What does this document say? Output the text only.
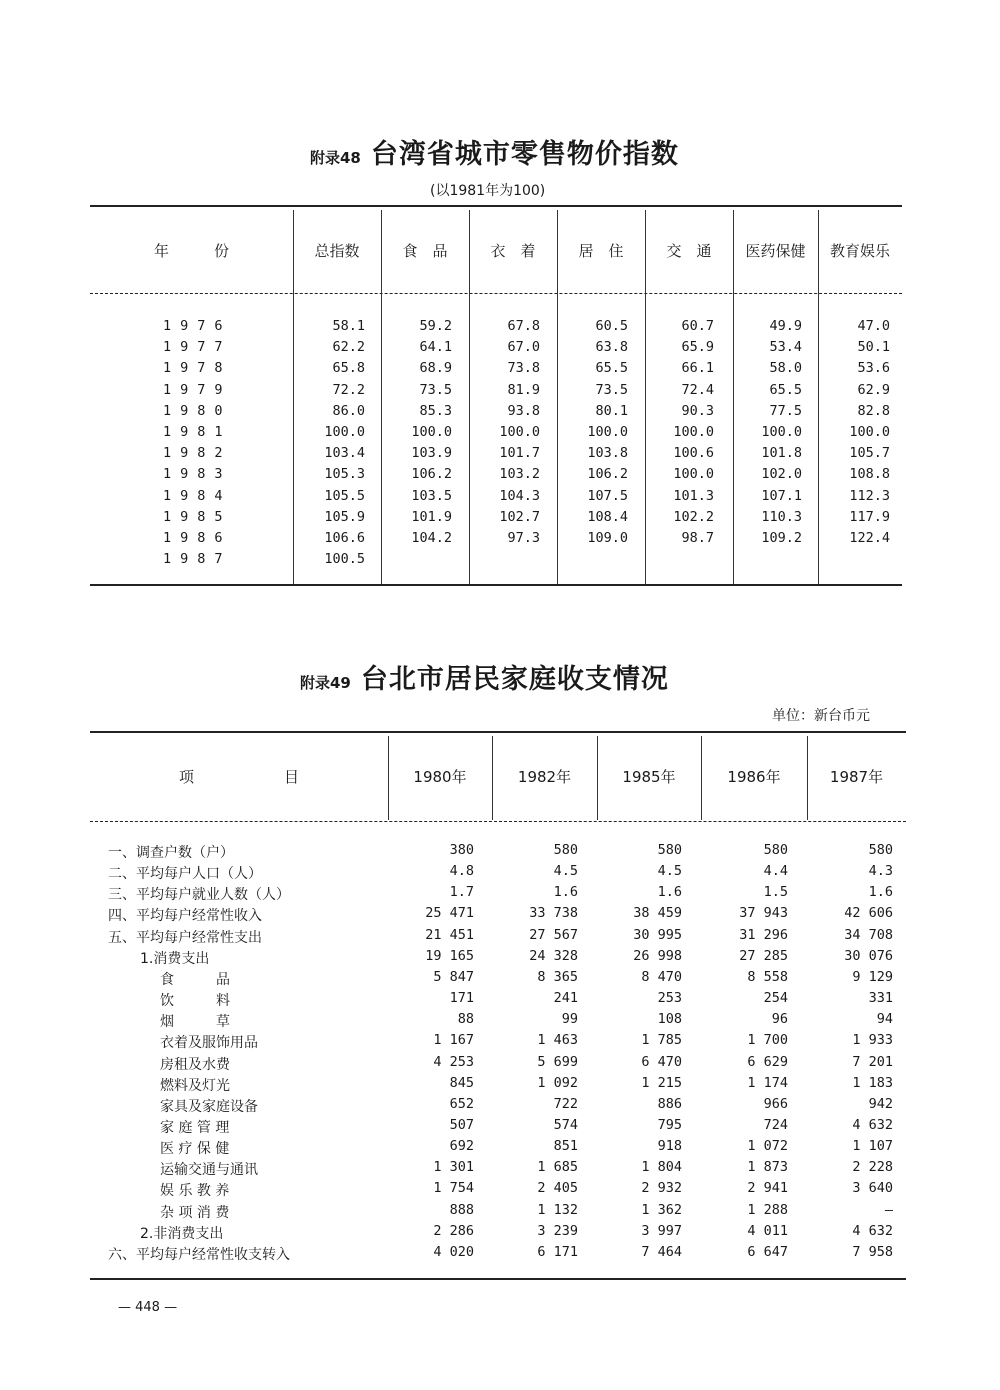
附录48 台湾省城市零售物价指数
(以1981年为100)
年　　　份	总指数	食　品	衣　着	居　住	交　通	医药保健	教育娱乐
1976	58.1	59.2	67.8	60.5	60.7	49.9	47.0
1977	62.2	64.1	67.0	63.8	65.9	53.4	50.1
1978	65.8	68.9	73.8	65.5	66.1	58.0	53.6
1979	72.2	73.5	81.9	73.5	72.4	65.5	62.9
1980	86.0	85.3	93.8	80.1	90.3	77.5	82.8
1981	100.0	100.0	100.0	100.0	100.0	100.0	100.0
1982	103.4	103.9	101.7	103.8	100.6	101.8	105.7
1983	105.3	106.2	103.2	106.2	100.0	102.0	108.8
1984	105.5	103.5	104.3	107.5	101.3	107.1	112.3
1985	105.9	101.9	102.7	108.4	102.2	110.3	117.9
1986	106.6	104.2	97.3	109.0	98.7	109.2	122.4
1987	100.5
附录49 台北市居民家庭收支情况
单位：新台币元
项　　　　　　目	1980年	1982年	1985年	1986年	1987年
一、调查户数（户）	380	580	580	580	580
二、平均每户人口（人）	4.8	4.5	4.5	4.4	4.3
三、平均每户就业人数（人）	1.7	1.6	1.6	1.5	1.6
四、平均每户经常性收入	25 471	33 738	38 459	37 943	42 606
五、平均每户经常性支出	21 451	27 567	30 995	31 296	34 708
1.消费支出	19 165	24 328	26 998	27 285	30 076
食　　　品	5 847	8 365	8 470	8 558	9 129
饮　　　料	171	241	253	254	331
烟　　　草	88	99	108	96	94
衣着及服饰用品	1 167	1 463	1 785	1 700	1 933
房租及水费	4 253	5 699	6 470	6 629	7 201
燃料及灯光	845	1 092	1 215	1 174	1 183
家具及家庭设备	652	722	886	966	942
家 庭 管 理	507	574	795	724	4 632
医 疗 保 健	692	851	918	1 072	1 107
运输交通与通讯	1 301	1 685	1 804	1 873	2 228
娱 乐 教 养	1 754	2 405	2 932	2 941	3 640
杂 项 消 费	888	1 132	1 362	1 288	—
2.非消费支出	2 286	3 239	3 997	4 011	4 632
六、平均每户经常性收支转入	4 020	6 171	7 464	6 647	7 958
— 448 —
